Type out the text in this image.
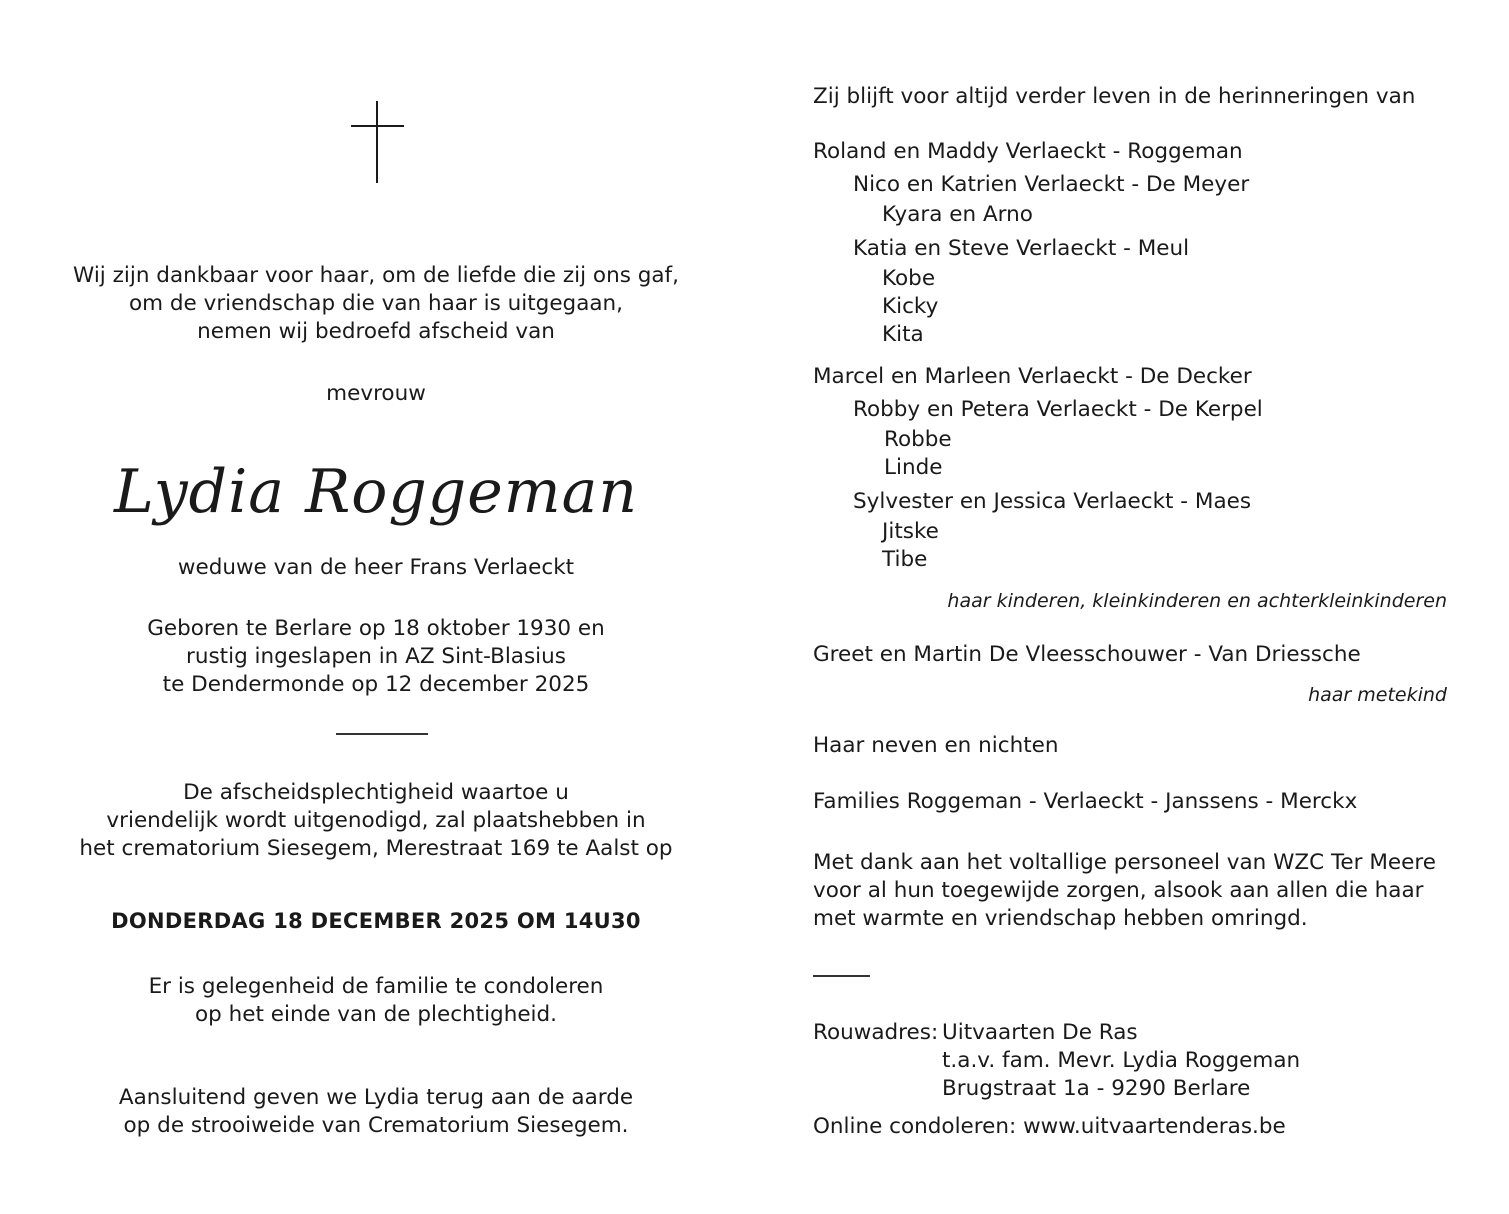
Wij zijn dankbaar voor haar, om de liefde die zij ons gaf,
om de vriendschap die van haar is uitgegaan,
nemen wij bedroefd afscheid van
mevrouw
Lydia Roggeman
weduwe van de heer Frans Verlaeckt
Geboren te Berlare op 18 oktober 1930 en
rustig ingeslapen in AZ Sint-Blasius
te Dendermonde op 12 december 2025
De afscheidsplechtigheid waartoe u
vriendelijk wordt uitgenodigd, zal plaatshebben in
het crematorium Siesegem, Merestraat 169 te Aalst op
DONDERDAG 18 DECEMBER 2025 OM 14U30
Er is gelegenheid de familie te condoleren
op het einde van de plechtigheid.
Aansluitend geven we Lydia terug aan de aarde
op de strooiweide van Crematorium Siesegem.
Zij blijft voor altijd verder leven in de herinneringen van
Roland en Maddy Verlaeckt - Roggeman
Nico en Katrien Verlaeckt - De Meyer
Kyara en Arno
Katia en Steve Verlaeckt - Meul
Kobe
Kicky
Kita
Marcel en Marleen Verlaeckt - De Decker
Robby en Petera Verlaeckt - De Kerpel
Robbe
Linde
Sylvester en Jessica Verlaeckt - Maes
Jitske
Tibe
haar kinderen, kleinkinderen en achterkleinkinderen
Greet en Martin De Vleesschouwer - Van Driessche
haar metekind
Haar neven en nichten
Families Roggeman - Verlaeckt - Janssens - Merckx
Met dank aan het voltallige personeel van WZC Ter Meere
voor al hun toegewijde zorgen, alsook aan allen die haar
met warmte en vriendschap hebben omringd.
Rouwadres: Uitvaarten De Ras
t.a.v. fam. Mevr. Lydia Roggeman
Brugstraat 1a - 9290 Berlare
Online condoleren: www.uitvaartenderas.be
